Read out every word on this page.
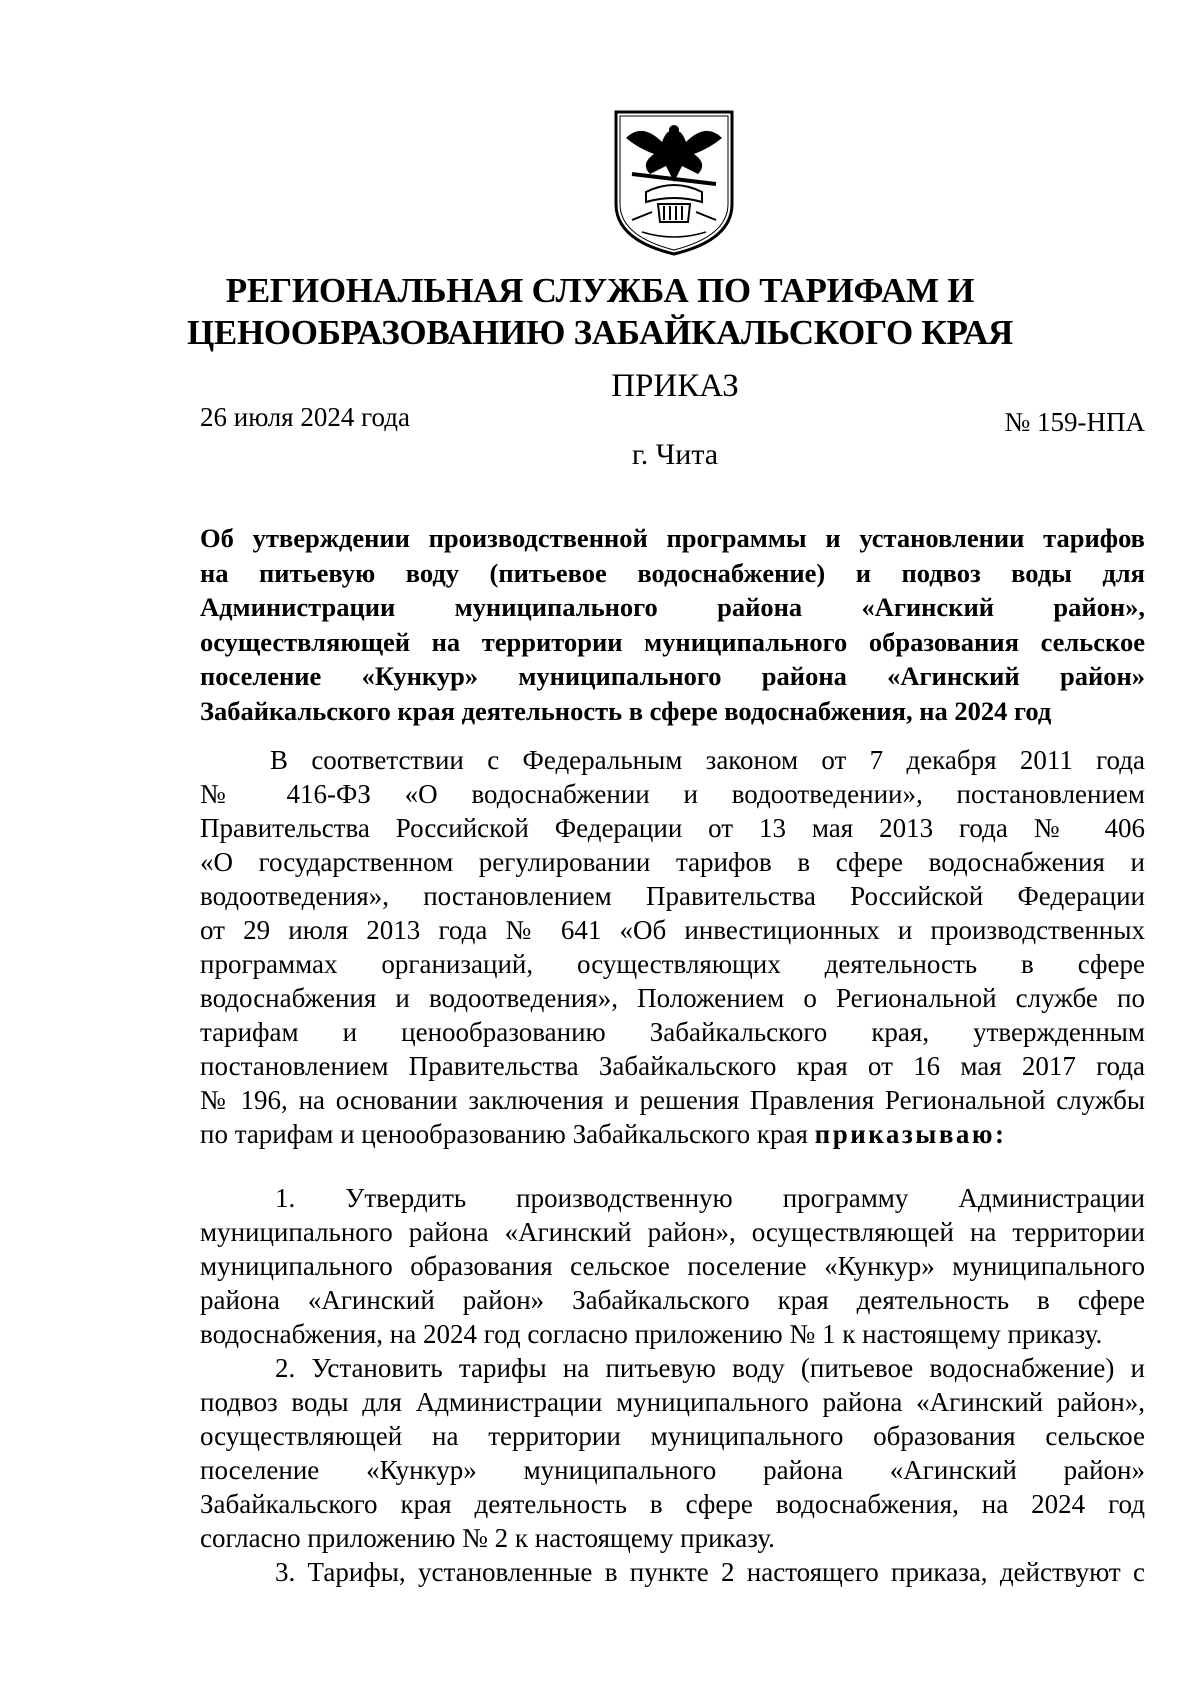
РЕГИОНАЛЬНАЯ СЛУЖБА ПО ТАРИФАМ И
ЦЕНООБРАЗОВАНИЮ ЗАБАЙКАЛЬСКОГО КРАЯ
ПРИКАЗ
26 июля 2024 года	№ 159-НПА
г. Чита
Об утверждении производственной программы и установлении тарифов
на питьевую воду (питьевое водоснабжение) и подвоз воды для
Администрации муниципального района «Агинский район»,
осуществляющей на территории муниципального образования сельское
поселение «Кункур» муниципального района «Агинский район»
Забайкальского края деятельность в сфере водоснабжения, на 2024 год
В соответствии с Федеральным законом от 7 декабря 2011 года
№ 416-ФЗ «О водоснабжении и водоотведении», постановлением
Правительства Российской Федерации от 13 мая 2013 года № 406
«О государственном регулировании тарифов в сфере водоснабжения и
водоотведения», постановлением Правительства Российской Федерации
от 29 июля 2013 года № 641 «Об инвестиционных и производственных
программах организаций, осуществляющих деятельность в сфере
водоснабжения и водоотведения», Положением о Региональной службе по
тарифам и ценообразованию Забайкальского края, утвержденным
постановлением Правительства Забайкальского края от 16 мая 2017 года
№ 196, на основании заключения и решения Правления Региональной службы
по тарифам и ценообразованию Забайкальского края приказываю:
1. Утвердить производственную программу Администрации
муниципального района «Агинский район», осуществляющей на территории
муниципального образования сельское поселение «Кункур» муниципального
района «Агинский район» Забайкальского края деятельность в сфере
водоснабжения, на 2024 год согласно приложению № 1 к настоящему приказу.
2. Установить тарифы на питьевую воду (питьевое водоснабжение) и
подвоз воды для Администрации муниципального района «Агинский район»,
осуществляющей на территории муниципального образования сельское
поселение «Кункур» муниципального района «Агинский район»
Забайкальского края деятельность в сфере водоснабжения, на 2024 год
согласно приложению № 2 к настоящему приказу.
3. Тарифы, установленные в пункте 2 настоящего приказа, действуют с
